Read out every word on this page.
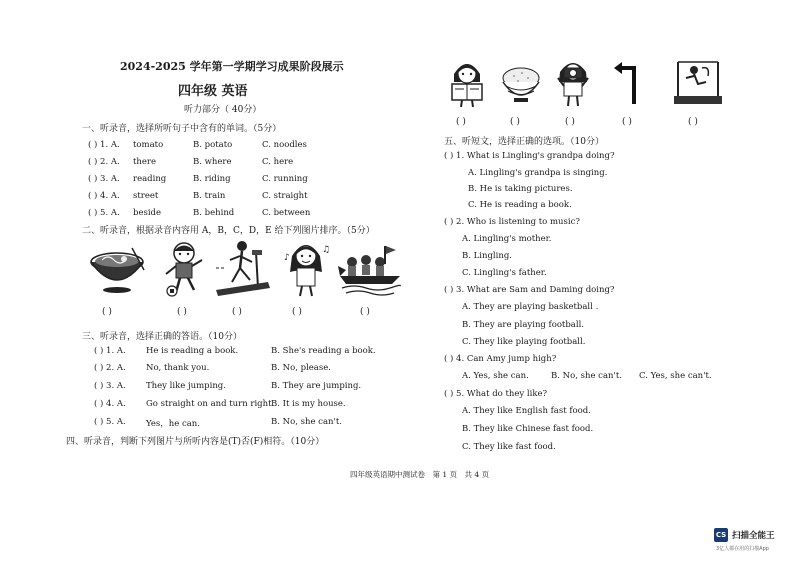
2024-2025 学年第一学期学习成果阶段展示
四年级 英语
听力部分（ 40分）
一、听录音，选择所听句子中含有的单词。（5分）
( ) 1. A. tomato	B. potato	C. noodles
( ) 2. A. there	B. where	C. here
( ) 3. A. reading	B. riding	C. running
( ) 4. A. street	B. train	C. straight
( ) 5. A. beside	B. behind	C. between
二、听录音，根据录音内容用 A，B，C，D，E 给下列图片排序。（5分）
♪
♫
( )	( )	( )	( )	( )
三、听录音，选择正确的答语。（10分）
( ) 1. A. He is reading a book.	B. She's reading a book.
( ) 2. A. No, thank you.	B. No, please.
( ) 3. A. They like jumping.	B. They are jumping.
( ) 4. A. Go straight on and turn right.
B. It is my house.
( ) 5. A. Yes，he can.	B. No, she can't.
四、听录音，判断下列图片与所听内容是(T)否(F)相符。（10分）
( )	( )	( )	( )	( )
五、听短文，选择正确的选项。（10分）
( ) 1. What is Lingling's grandpa doing?
A. Lingling's grandpa is singing.
B. He is taking pictures.
C. He is reading a book.
( ) 2. Who is listening to music?
A. Lingling's mother.
B. Lingling.
C. Lingling's father.
( ) 3. What are Sam and Daming doing?
A. They are playing basketball .
B. They are playing football.
C. They like playing football.
( ) 4. Can Amy jump high?
A. Yes, she can.	B. No, she can't. C. Yes, she can't.
( ) 5. What do they like?
A. They like English fast food.
B. They like Chinese fast food.
C. They like fast food.
四年级英语期中测试卷　第 1 页　共 4 页
CS 扫描全能王
3亿人都在用的扫描App
